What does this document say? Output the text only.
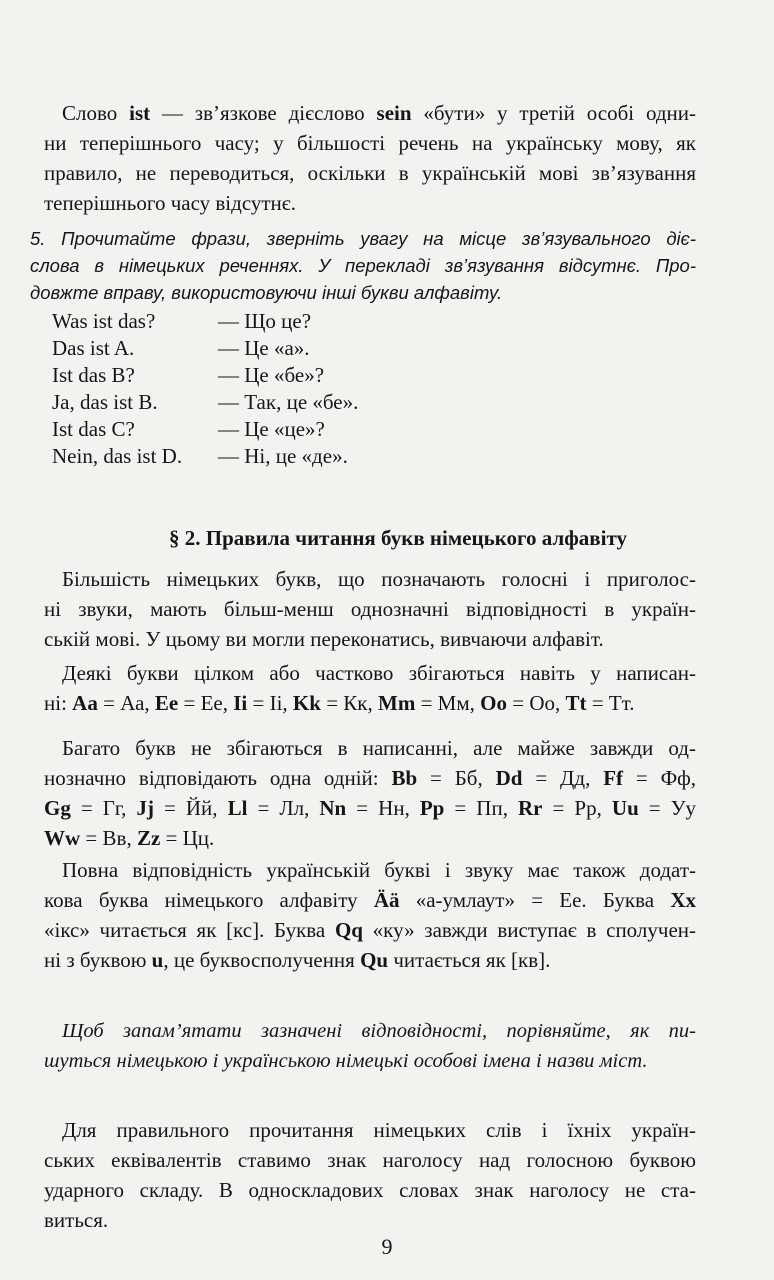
Слово ist — зв’язкове дієслово sein «бути» у третій особі одни-
ни теперішнього часу; у більшості речень на українську мову, як
правило, не переводиться, оскільки в українській мові зв’язування
теперішнього часу відсутнє.
5. Прочитайте фрази, зверніть увагу на місце зв’язувального діє-
слова в німецьких реченнях. У перекладі зв’язування відсутнє. Про-
довжте вправу, використовуючи інші букви алфавіту.
Was ist das?	— Що це?
Das ist A.	— Це «а».
Ist das B?	— Це «бе»?
Ja, das ist B.	— Так, це «бе».
Ist das C?	— Це «це»?
Nein, das ist D.	— Ні, це «де».
§ 2. Правила читання букв німецького алфавіту
Більшість німецьких букв, що позначають голосні і приголос-
ні звуки, мають більш-менш однозначні відповідності в україн-
ській мові. У цьому ви могли переконатись, вивчаючи алфавіт.
Деякі букви цілком або частково збігаються навіть у написан-
ні: Aa = Аа, Ee = Ее, Ii = Іі, Kk = Кк, Mm = Мм, Oo = Оо, Tt = Тт.
Багато букв не збігаються в написанні, але майже завжди од-
нозначно відповідають одна одній: Bb = Бб, Dd = Дд, Ff = Фф,
Gg = Гг, Jj = Йй, Ll = Лл, Nn = Нн, Pp = Пп, Rr = Рр, Uu = Уу
Ww = Вв, Zz = Цц.
Повна відповідність українській букві і звуку має також додат-
кова буква німецького алфавіту Ää «а-умлаут» = Ее. Буква Xx
«ікс» читається як [кс]. Буква Qq «ку» завжди виступає в сполучен-
ні з буквою u, це буквосполучення Qu читається як [кв].
Щоб запам’ятати зазначені відповідності, порівняйте, як пи-
шуться німецькою і українською німецькі особові імена і назви міст.
Для правильного прочитання німецьких слів і їхніх україн-
ських еквівалентів ставимо знак наголосу над голосною буквою
ударного складу. В односкладових словах знак наголосу не ста-
виться.
9
